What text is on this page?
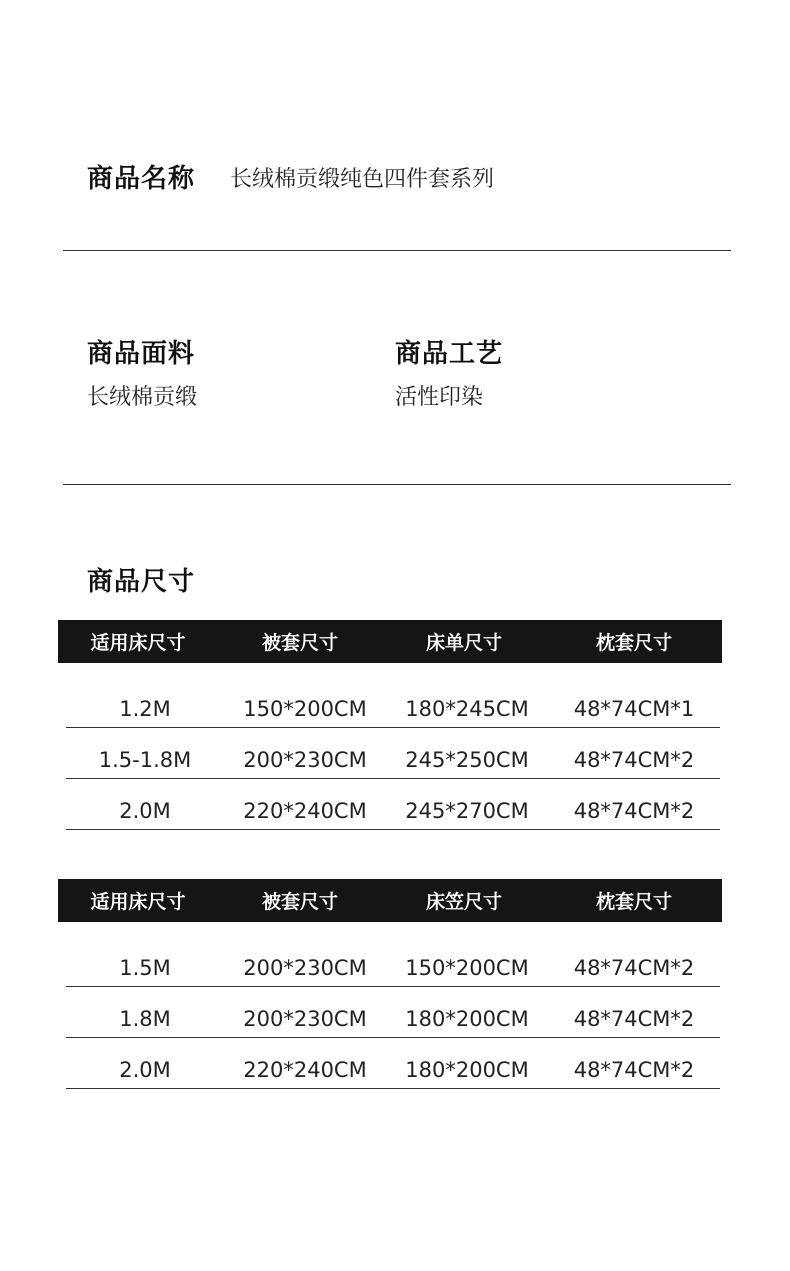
商品名称 长绒棉贡缎纯色四件套系列
商品面料
长绒棉贡缎
商品工艺
活性印染
商品尺寸
适用床尺寸	被套尺寸	床单尺寸	枕套尺寸
1.2M	150*200CM	180*245CM	48*74CM*1
1.5-1.8M	200*230CM	245*250CM	48*74CM*2
2.0M	220*240CM	245*270CM	48*74CM*2
适用床尺寸	被套尺寸	床笠尺寸	枕套尺寸
1.5M	200*230CM	150*200CM	48*74CM*2
1.8M	200*230CM	180*200CM	48*74CM*2
2.0M	220*240CM	180*200CM	48*74CM*2
